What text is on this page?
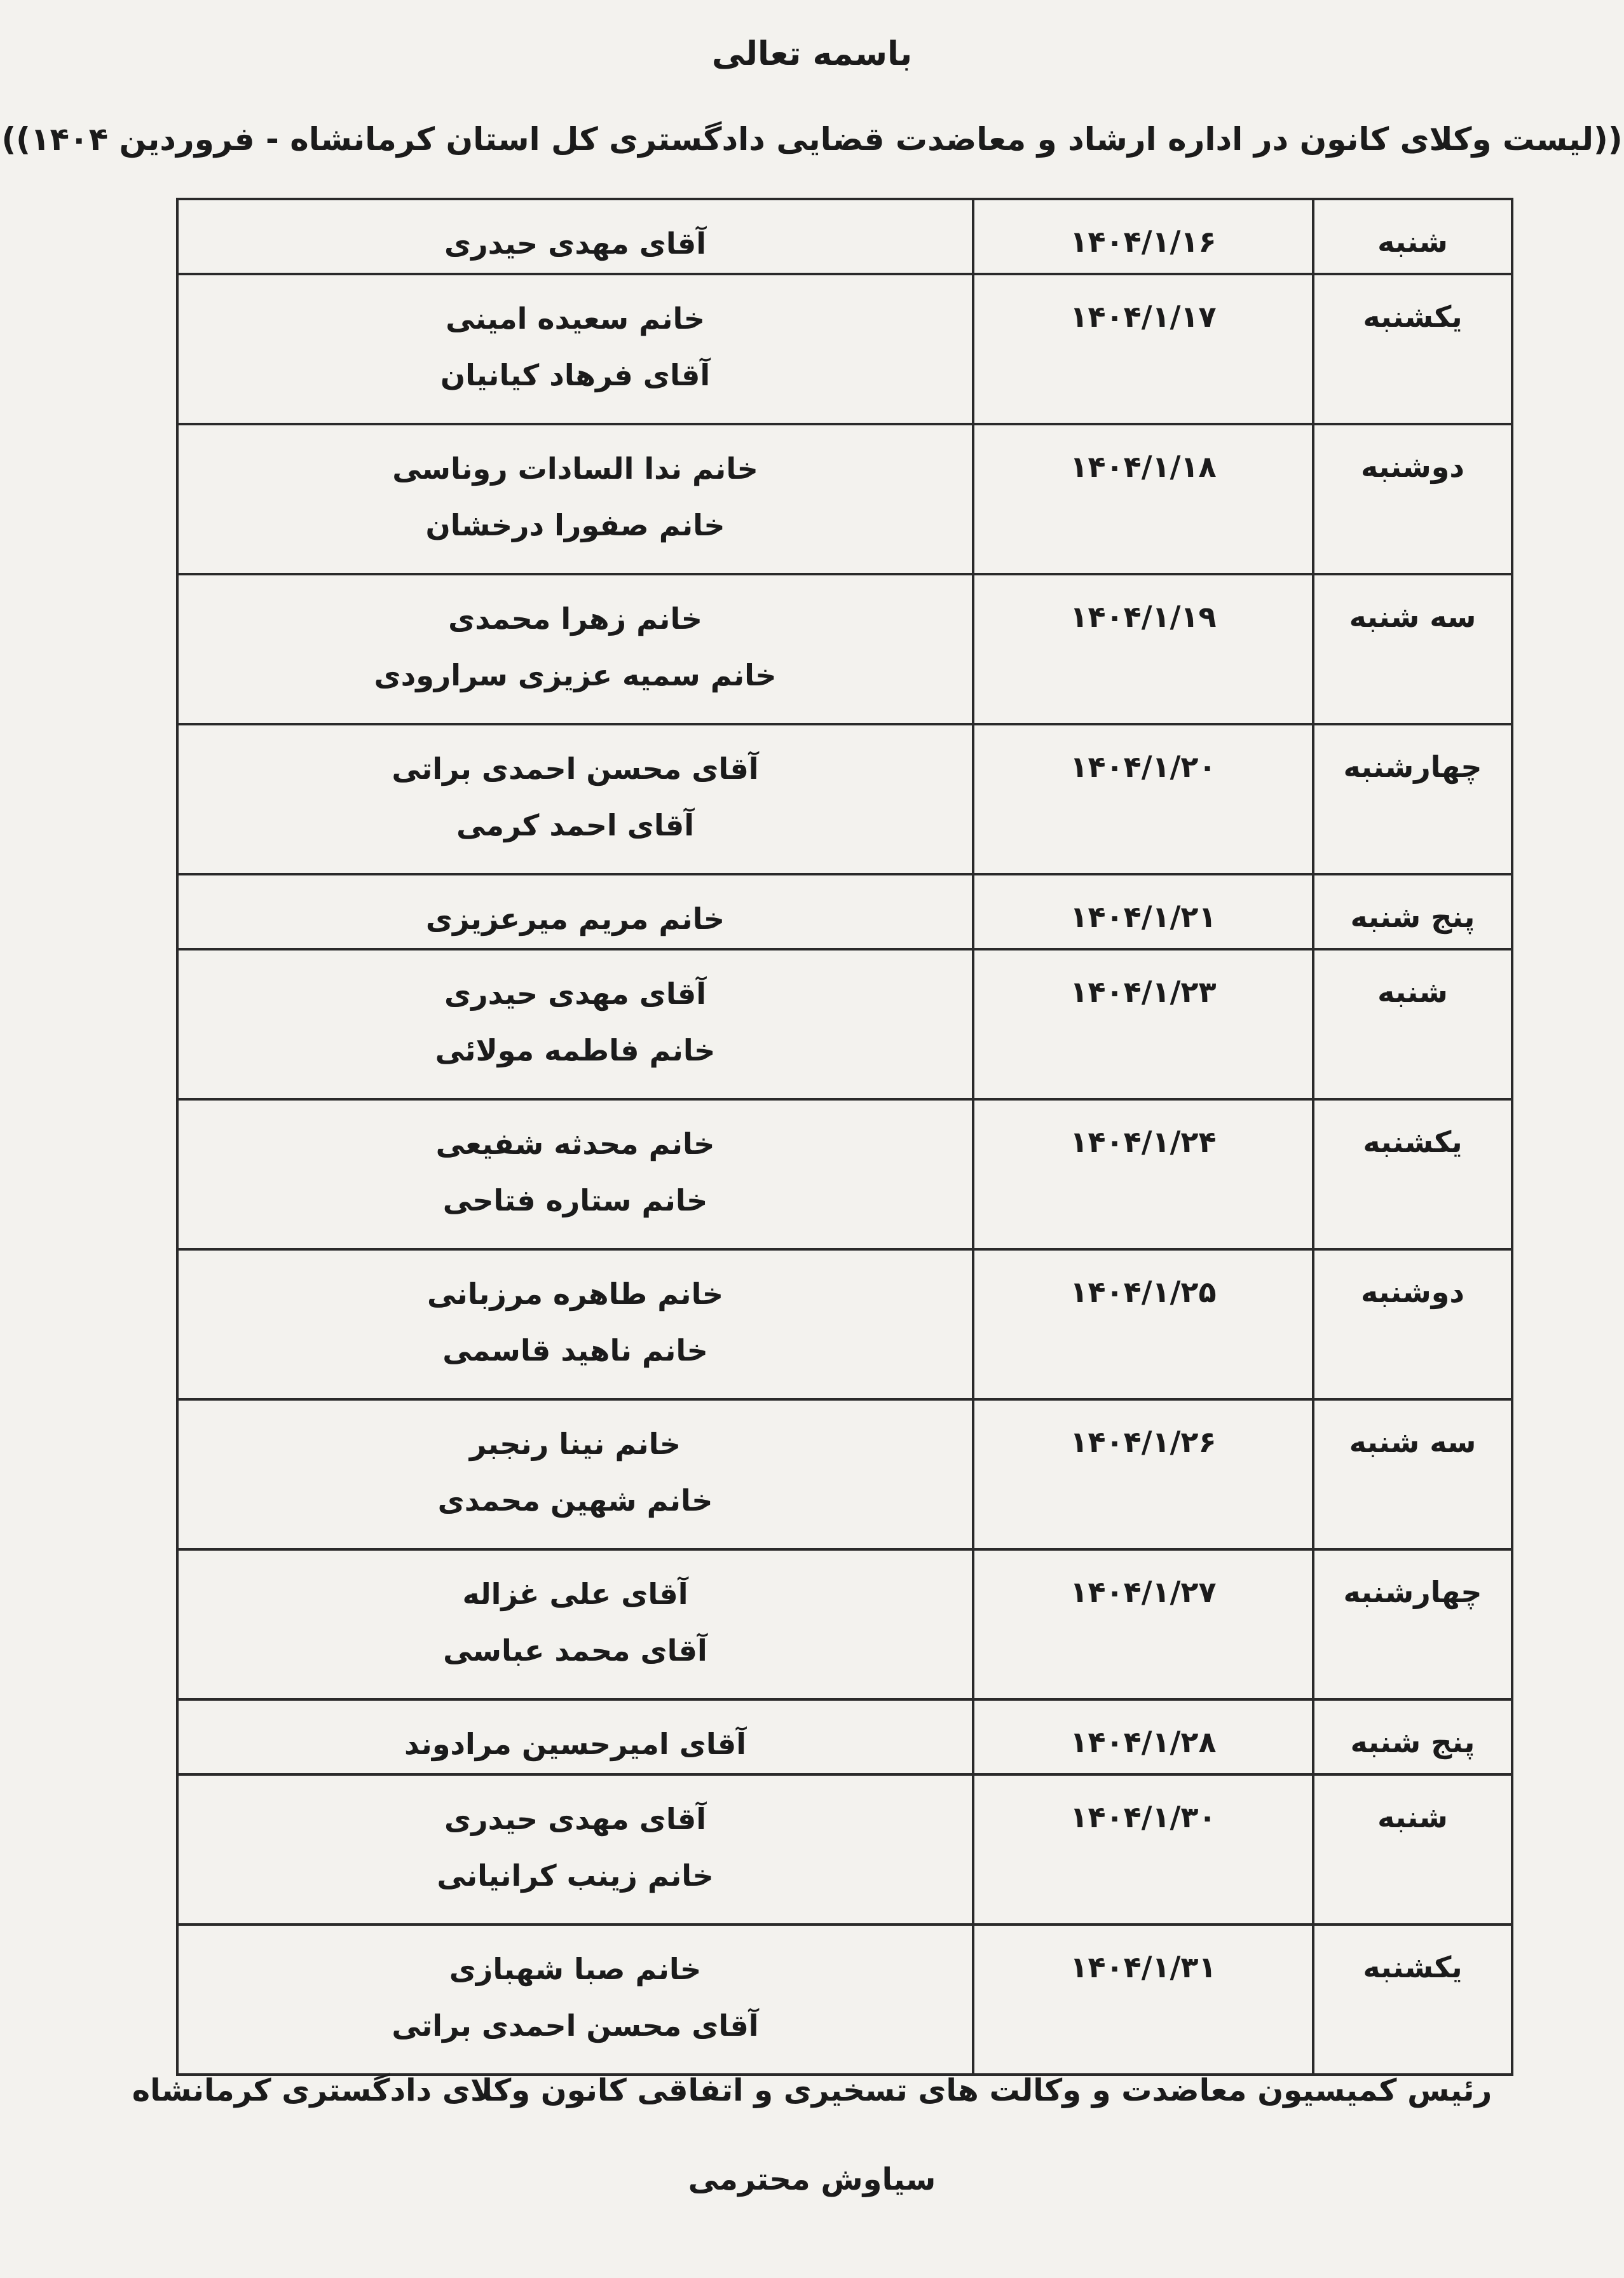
باسمه تعالی
((لیست وکلای کانون در اداره ارشاد و معاضدت قضایی دادگستری کل استان کرمانشاه - فروردین ۱۴۰۴))
شنبه	۱۴۰۴/۱/۱۶	آقای مهدی حیدری

یکشنبه	۱۴۰۴/۱/۱۷	خانم سعیده امینی
آقای فرهاد کیانیان

دوشنبه	۱۴۰۴/۱/۱۸	خانم ندا السادات روناسی
خانم صفورا درخشان

سه شنبه	۱۴۰۴/۱/۱۹	خانم زهرا محمدی
خانم سمیه عزیزی سرارودی

چهارشنبه	۱۴۰۴/۱/۲۰	آقای محسن احمدی براتی
آقای احمد کرمی

پنج شنبه	۱۴۰۴/۱/۲۱	خانم مریم میرعزیزی

شنبه	۱۴۰۴/۱/۲۳	آقای مهدی حیدری
خانم فاطمه مولائی

یکشنبه	۱۴۰۴/۱/۲۴	خانم محدثه شفیعی
خانم ستاره فتاحی

دوشنبه	۱۴۰۴/۱/۲۵	خانم طاهره مرزبانی
خانم ناهید قاسمی

سه شنبه	۱۴۰۴/۱/۲۶	خانم نینا رنجبر
خانم شهین محمدی

چهارشنبه	۱۴۰۴/۱/۲۷	آقای علی غزاله
آقای محمد عباسی

پنج شنبه	۱۴۰۴/۱/۲۸	آقای امیرحسین مرادوند

شنبه	۱۴۰۴/۱/۳۰	آقای مهدی حیدری
خانم زینب کرانیانی

یکشنبه	۱۴۰۴/۱/۳۱	خانم صبا شهبازی
آقای محسن احمدی براتی
رئیس کمیسیون معاضدت و وکالت های تسخیری و اتفاقی کانون وکلای دادگستری کرمانشاه
سیاوش محترمی
